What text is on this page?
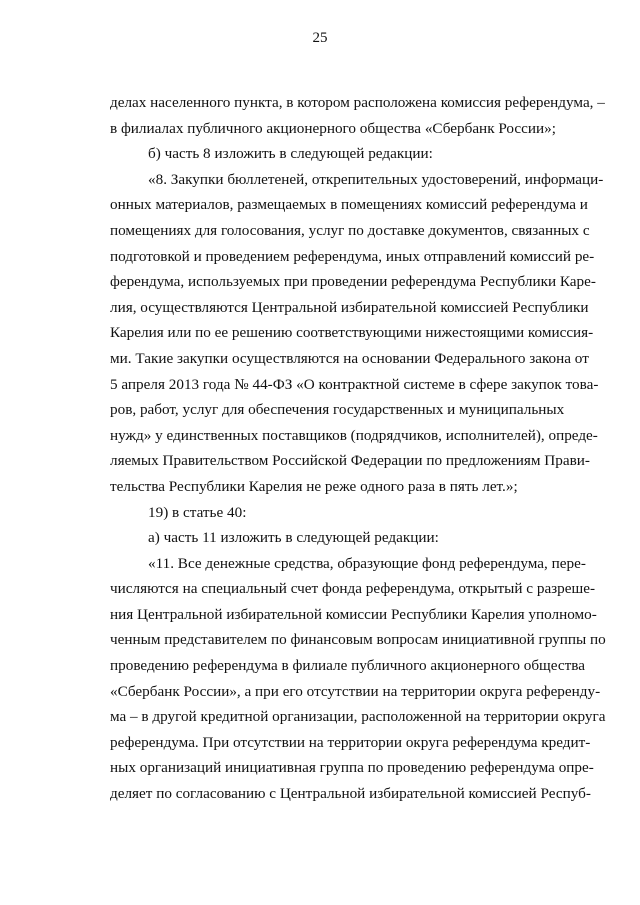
25
делах населенного пункта, в котором расположена комиссия референдума, –
в филиалах публичного акционерного общества «Сбербанк России»;
б) часть 8 изложить в следующей редакции:
«8. Закупки бюллетеней, открепительных удостоверений, информаци-
онных материалов, размещаемых в помещениях комиссий референдума и
помещениях для голосования, услуг по доставке документов, связанных с
подготовкой и проведением референдума, иных отправлений комиссий ре-
ферендума, используемых при проведении референдума Республики Каре-
лия, осуществляются Центральной избирательной комиссией Республики
Карелия или по ее решению соответствующими нижестоящими комиссия-
ми. Такие закупки осуществляются на основании Федерального закона от
5 апреля 2013 года № 44-ФЗ «О контрактной системе в сфере закупок това-
ров, работ, услуг для обеспечения государственных и муниципальных
нужд» у единственных поставщиков (подрядчиков, исполнителей), опреде-
ляемых Правительством Российской Федерации по предложениям Прави-
тельства Республики Карелия не реже одного раза в пять лет.»;
19) в статье 40:
а) часть 11 изложить в следующей редакции:
«11. Все денежные средства, образующие фонд референдума, пере-
числяются на специальный счет фонда референдума, открытый с разреше-
ния Центральной избирательной комиссии Республики Карелия уполномо-
ченным представителем по финансовым вопросам инициативной группы по
проведению референдума в филиале публичного акционерного общества
«Сбербанк России», а при его отсутствии на территории округа референду-
ма – в другой кредитной организации, расположенной на территории округа
референдума. При отсутствии на территории округа референдума кредит-
ных организаций инициативная группа по проведению референдума опре-
деляет по согласованию с Центральной избирательной комиссией Респуб-
